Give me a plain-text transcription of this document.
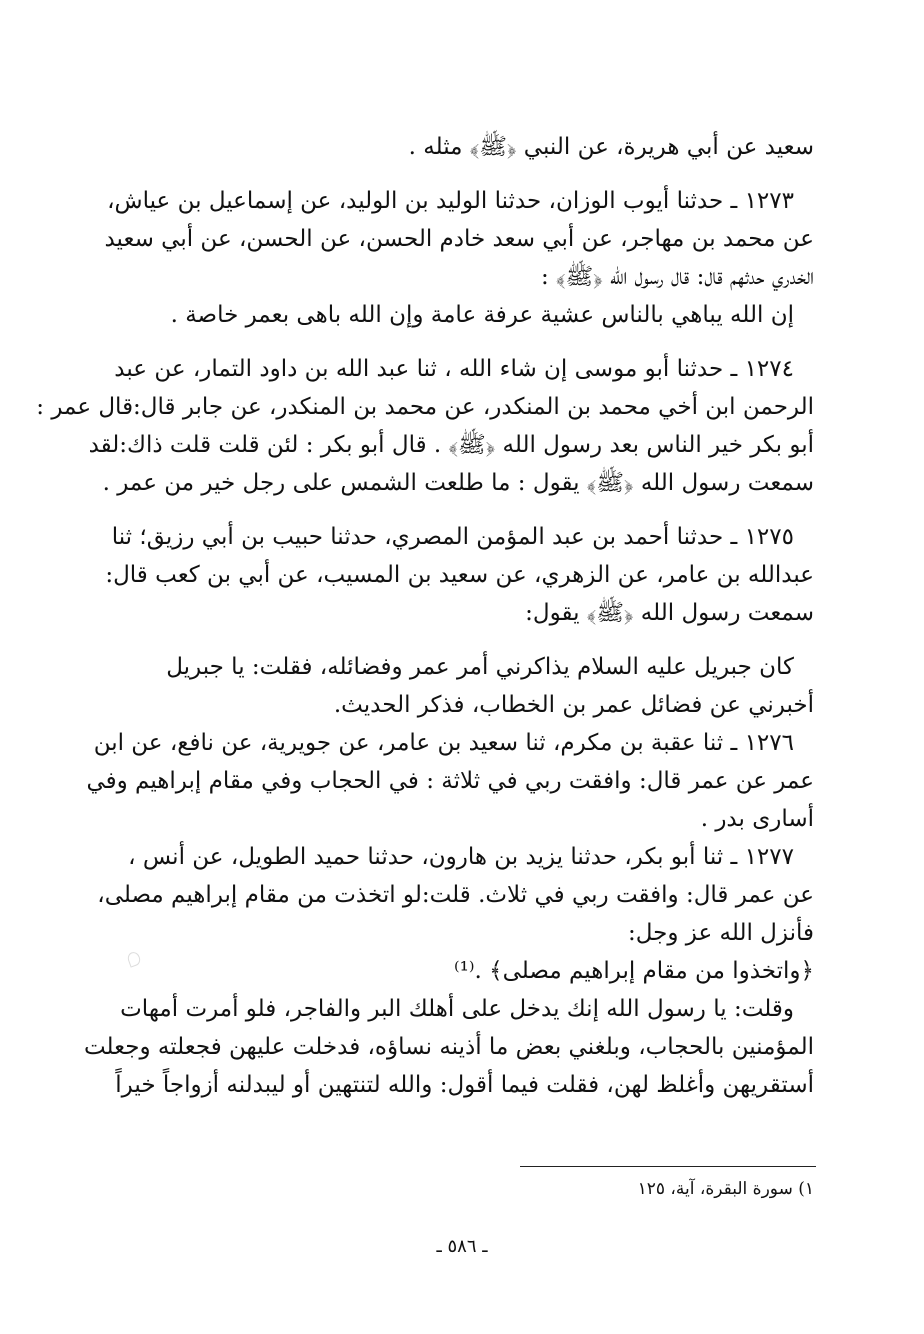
سعيد عن أبي هريرة، عن النبي ﴿ﷺ﴾ مثله .
١٢٧٣ ـ حدثنا أيوب الوزان، حدثنا الوليد بن الوليد، عن إسماعيل بن عياش،
عن محمد بن مهاجر، عن أبي سعد خادم الحسن، عن الحسن، عن أبي سعيد
الخدري حدثهم قال: قال رسول الله ﴿ﷺ﴾ :
إن الله يباهي بالناس عشية عرفة عامة وإن الله باهى بعمر خاصة .
١٢٧٤ ـ حدثنا أبو موسى إن شاء الله ، ثنا عبد الله بن داود التمار، عن عبد
الرحمن ابن أخي محمد بن المنكدر، عن محمد بن المنكدر، عن جابر قال:قال عمر :
أبو بكر خير الناس بعد رسول الله ﴿ﷺ﴾ . قال أبو بكر : لئن قلت قلت ذاك:لقد
سمعت رسول الله ﴿ﷺ﴾ يقول : ما طلعت الشمس على رجل خير من عمر .
١٢٧٥ ـ حدثنا أحمد بن عبد المؤمن المصري، حدثنا حبيب بن أبي رزيق؛ ثنا
عبدالله بن عامر، عن الزهري، عن سعيد بن المسيب، عن أبي بن كعب قال:
سمعت رسول الله ﴿ﷺ﴾ يقول:
كان جبريل عليه السلام يذاكرني أمر عمر وفضائله، فقلت: يا جبريل
أخبرني عن فضائل عمر بن الخطاب، فذكر الحديث.
١٢٧٦ ـ ثنا عقبة بن مكرم، ثنا سعيد بن عامر، عن جويرية، عن نافع، عن ابن
عمر عن عمر قال: وافقت ربي في ثلاثة : في الحجاب وفي مقام إبراهيم وفي
أسارى بدر .
١٢٧٧ ـ ثنا أبو بكر، حدثنا يزيد بن هارون، حدثنا حميد الطويل، عن أنس ،
عن عمر قال: وافقت ربي في ثلاث. قلت:لو اتخذت من مقام إبراهيم مصلى،
فأنزل الله عز وجل:
﴿واتخذوا من مقام إبراهيم مصلى﴾ .⁽¹⁾
وقلت: يا رسول الله إنك يدخل على أهلك البر والفاجر، فلو أمرت أمهات
المؤمنين بالحجاب، وبلغني بعض ما أذينه نساؤه، فدخلت عليهن فجعلته وجعلت
أستقريهن وأغلظ لهن، فقلت فيما أقول: والله لتنتهين أو ليبدلنه أزواجاً خيراً
١) سورة البقرة، آية، ١٢٥
ـ ٥٨٦ ـ
